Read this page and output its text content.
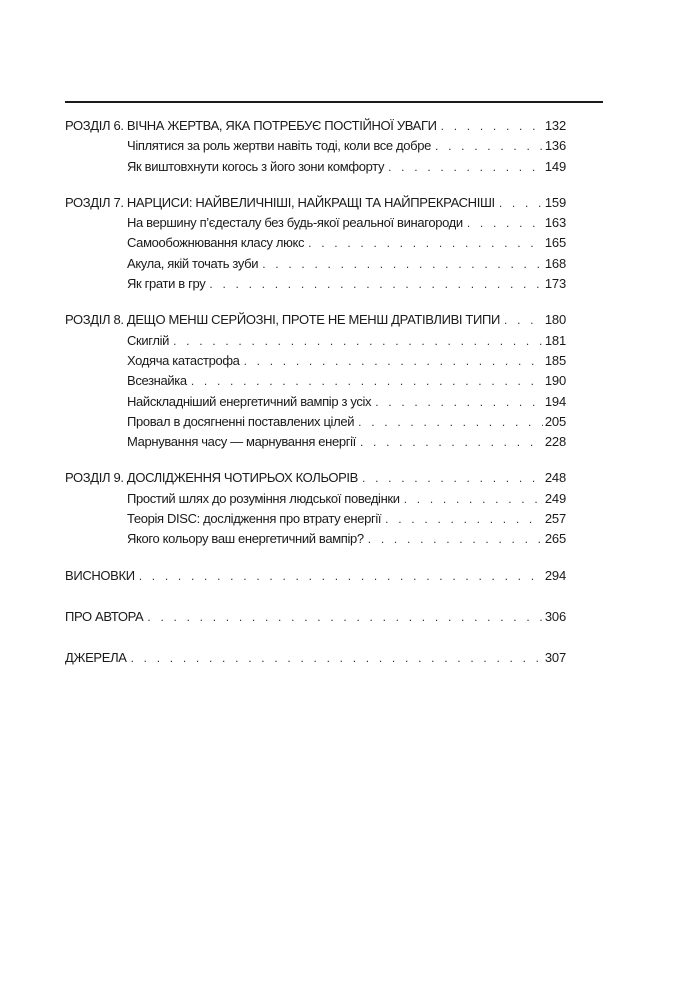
РОЗДІЛ 6. ВІЧНА ЖЕРТВА, ЯКА ПОТРЕБУЄ ПОСТІЙНОЇ УВАГИ . . .	132
Чіплятися за роль жертви навіть тоді, коли все добре . . .	136
Як виштовхнути когось з його зони комфорту . . .	149
РОЗДІЛ 7. НАРЦИСИ: НАЙВЕЛИЧНІШІ, НАЙКРАЩІ ТА НАЙПРЕКРАСНІШІ . . .	159
На вершину п’єдесталу без будь-якої реальної винагороди . . .	163
Самообожнювання класу люкс . . .	165
Акула, якій точать зуби . . .	168
Як грати в гру . . .	173
РОЗДІЛ 8. ДЕЩО МЕНШ СЕРЙОЗНІ, ПРОТЕ НЕ МЕНШ ДРАТІВЛИВІ ТИПИ . . .	180
Скиглій . . .	181
Ходяча катастрофа . . .	185
Всезнайка . . .	190
Найскладніший енергетичний вампір з усіх . . .	194
Провал в досягненні поставлених цілей . . .	205
Марнування часу — марнування енергії . . .	228
РОЗДІЛ 9. ДОСЛІДЖЕННЯ ЧОТИРЬОХ КОЛЬОРІВ . . .	248
Простий шлях до розуміння людської поведінки . . .	249
Теорія DISC: дослідження про втрату енергії . . .	257
Якого кольору ваш енергетичний вампір? . . .	265
ВИСНОВКИ . . .	294
ПРО АВТОРА . . .	306
ДЖЕРЕЛА . . .	307
